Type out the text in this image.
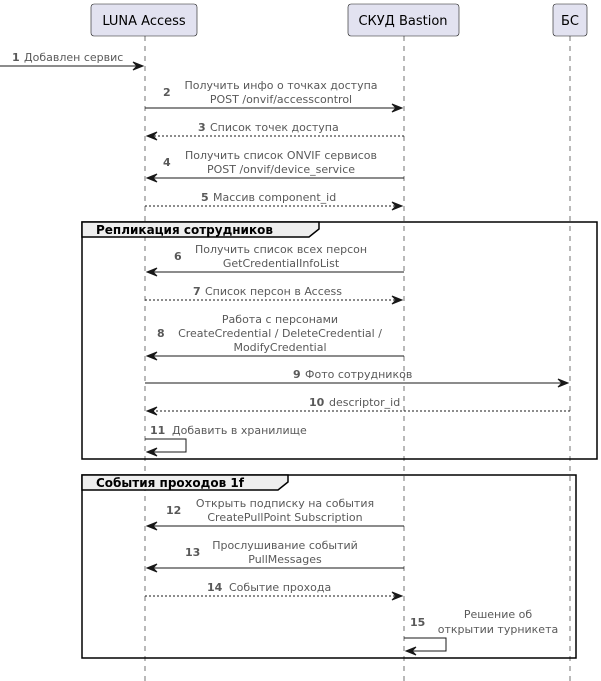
LUNA Access	СКУД Bastion	БС
Репликация сотрудников
События проходов 1f
1 Добавлен сервис
2
Получить инфо о точках доступа
POST /onvif/accesscontrol
3 Список точек доступа
4
Получить список ONVIF сервисов
POST /onvif/device_service
5 Массив component_id
6
Получить список всех персон
GetCredentialInfoList
7 Список персон в Access
8
Работа с персонами
CreateCredential / DeleteCredential /
ModifyCredential
9 Фото сотрудников
10 descriptor_id
11 Добавить в хранилище
12
Открыть подписку на события
CreatePullPoint Subscription
13
Прослушивание событий
PullMessages
14 Событие прохода
15
Решение об
открытии турникета
